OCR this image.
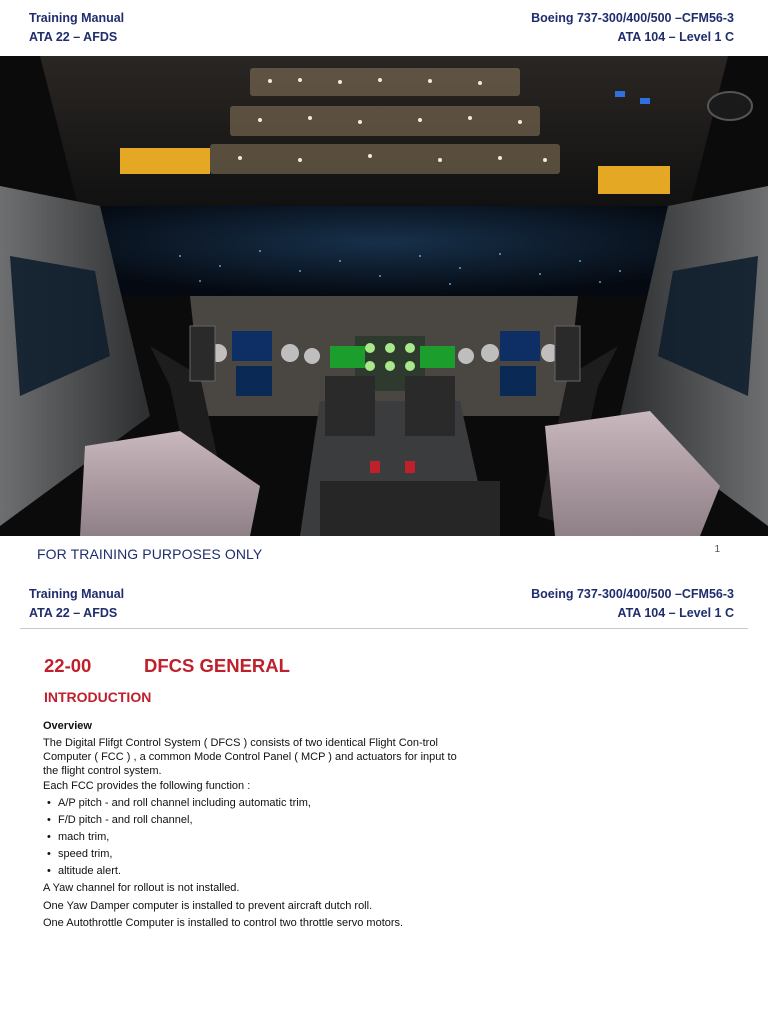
Training Manual	Boeing 737-300/400/500 –CFM56-3
ATA 22 – AFDS	ATA 104 – Level 1 C
FOR TRAINING PURPOSES ONLY	1
Training Manual	Boeing 737-300/400/500 –CFM56-3
ATA 22 – AFDS	ATA 104 – Level 1 C
22-00	DFCS GENERAL
INTRODUCTION
Overview

The Digital Flifgt Control System ( DFCS ) consists of two identical Flight Con-trol Computer ( FCC ) , a common Mode Control Panel ( MCP ) and actuators for input to the flight control system.

Each FCC provides the following function :

• A/P pitch - and roll channel including automatic trim,
• F/D pitch - and roll channel,
• mach trim,
• speed trim,
• altitude alert.

A Yaw channel for rollout is not installed.

One Yaw Damper computer is installed to prevent aircraft dutch roll.

One Autothrottle Computer is installed to control two throttle servo motors.
